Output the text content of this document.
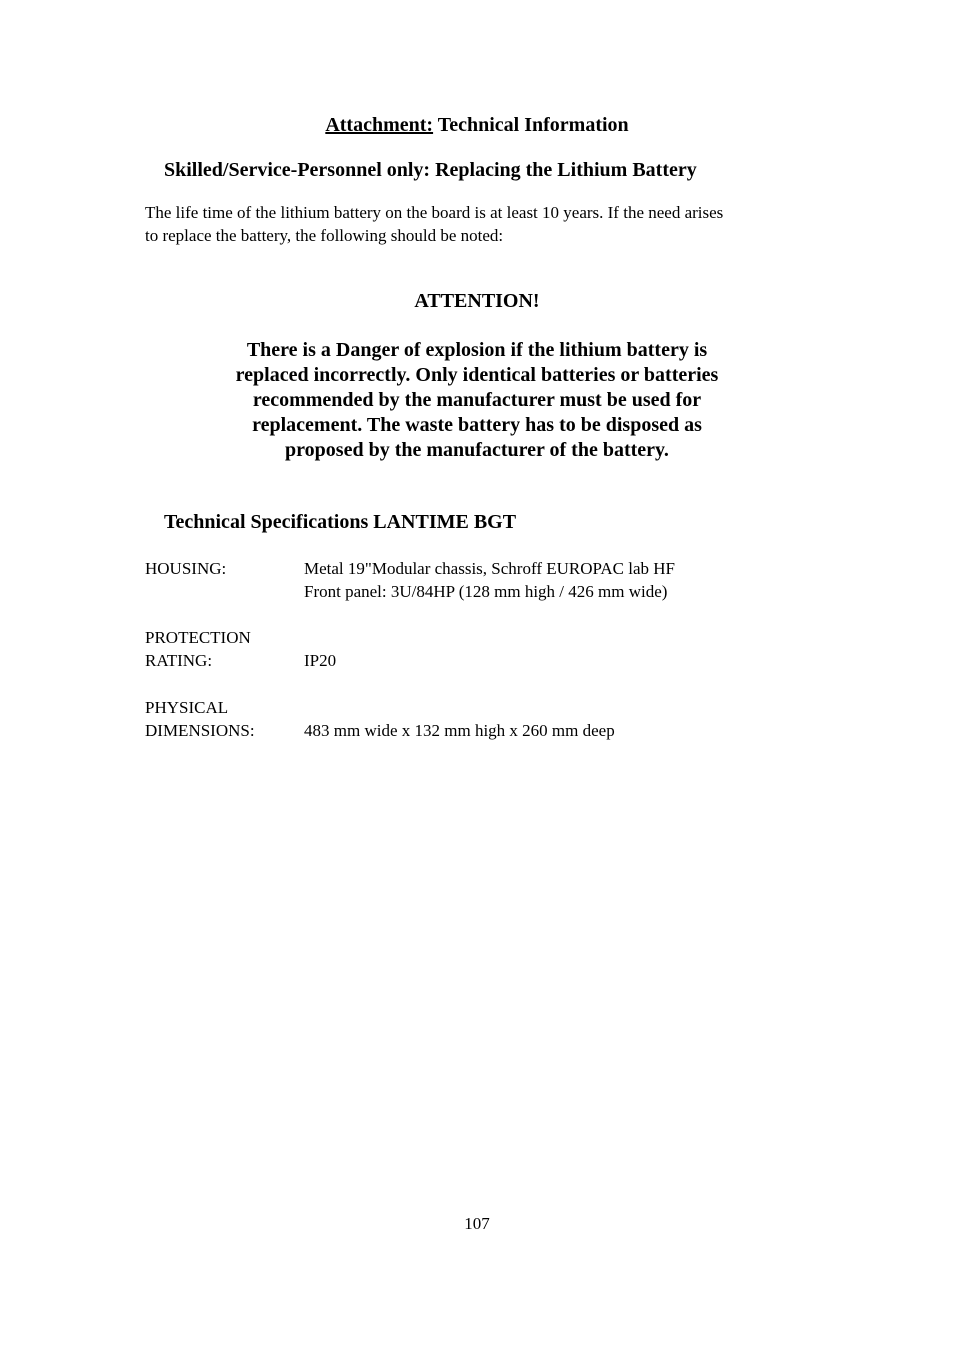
Attachment: Technical Information
Skilled/Service-Personnel only: Replacing the Lithium Battery
The life time of the lithium battery on the board is at least 10 years. If the need arises
to replace the battery, the following should be noted:
ATTENTION!
There is a Danger of explosion if the lithium battery is
replaced incorrectly. Only identical batteries or batteries
recommended by the manufacturer must be used for
replacement. The waste battery has to be disposed as
proposed by the manufacturer of the battery.
Technical Specifications LANTIME BGT
HOUSING:	Metal 19"Modular chassis, Schroff EUROPAC lab HF
Front panel: 3U/84HP (128 mm high / 426 mm wide)
PROTECTION
RATING:	IP20
PHYSICAL
DIMENSIONS:	483 mm wide x 132 mm high x 260 mm deep
107
